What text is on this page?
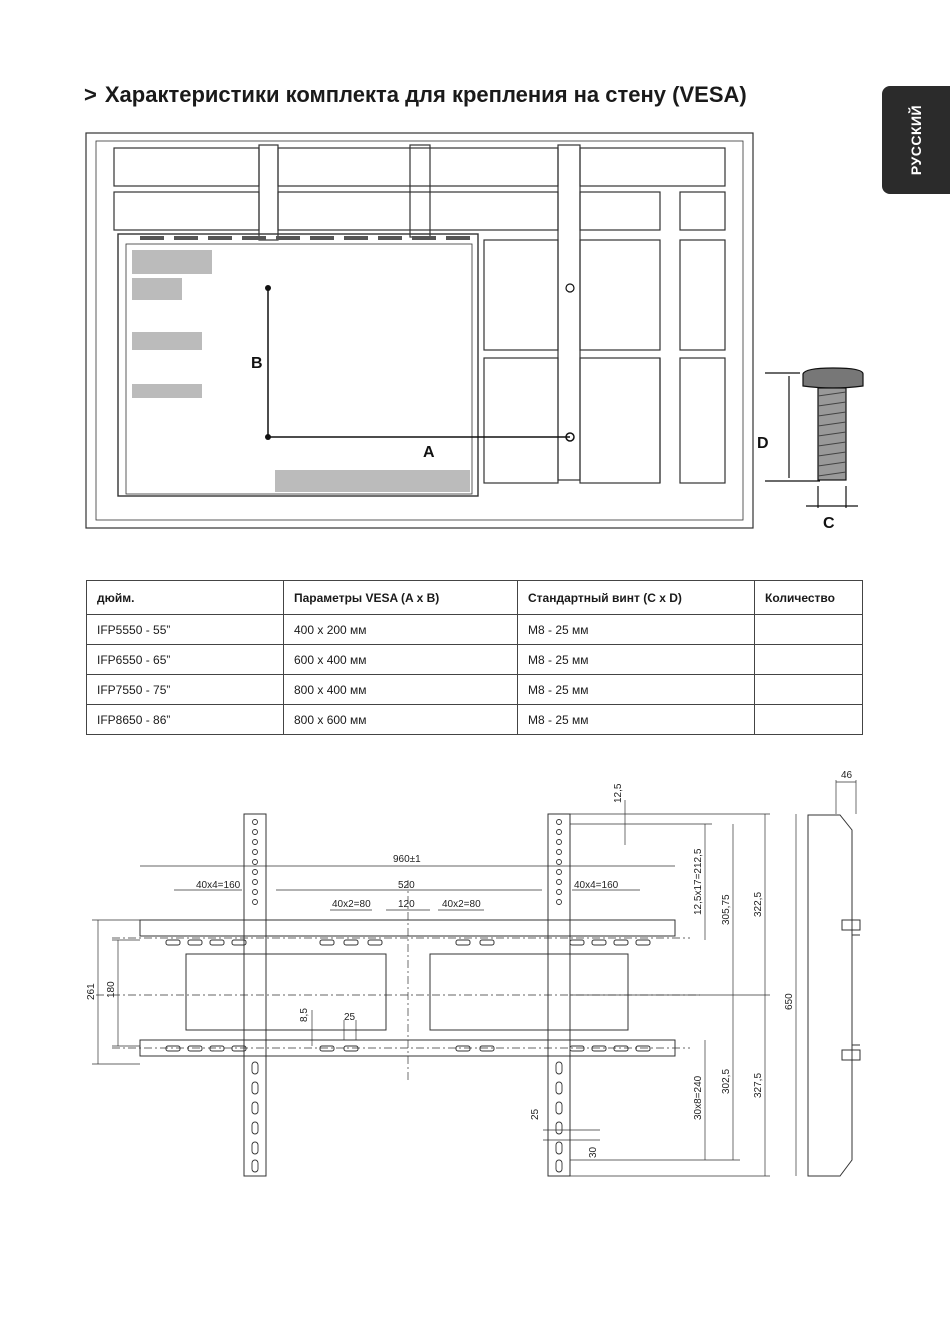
> Характеристики комплекта для крепления на стену (VESA)
РУССКИЙ
B
A
D
C
дюйм.	Параметры VESA (A x B)	Стандартный винт (C x D)	Количество
IFP5550 - 55”	400 x 200 мм	M8 - 25 мм	
IFP6550 - 65”	600 x 400 мм	M8 - 25 мм	
IFP7550 - 75”	800 x 400 мм	M8 - 25 мм	
IFP8650 - 86”	800 x 600 мм	M8 - 25 мм	
960±1
520
120
40x4=160	40x4=160
40x2=80	40x2=80
25
261 180
8,5
12,5
12,5x17=212,5 305,75 322,5
650
30x8=240 302,5 327,5
25
30
46
